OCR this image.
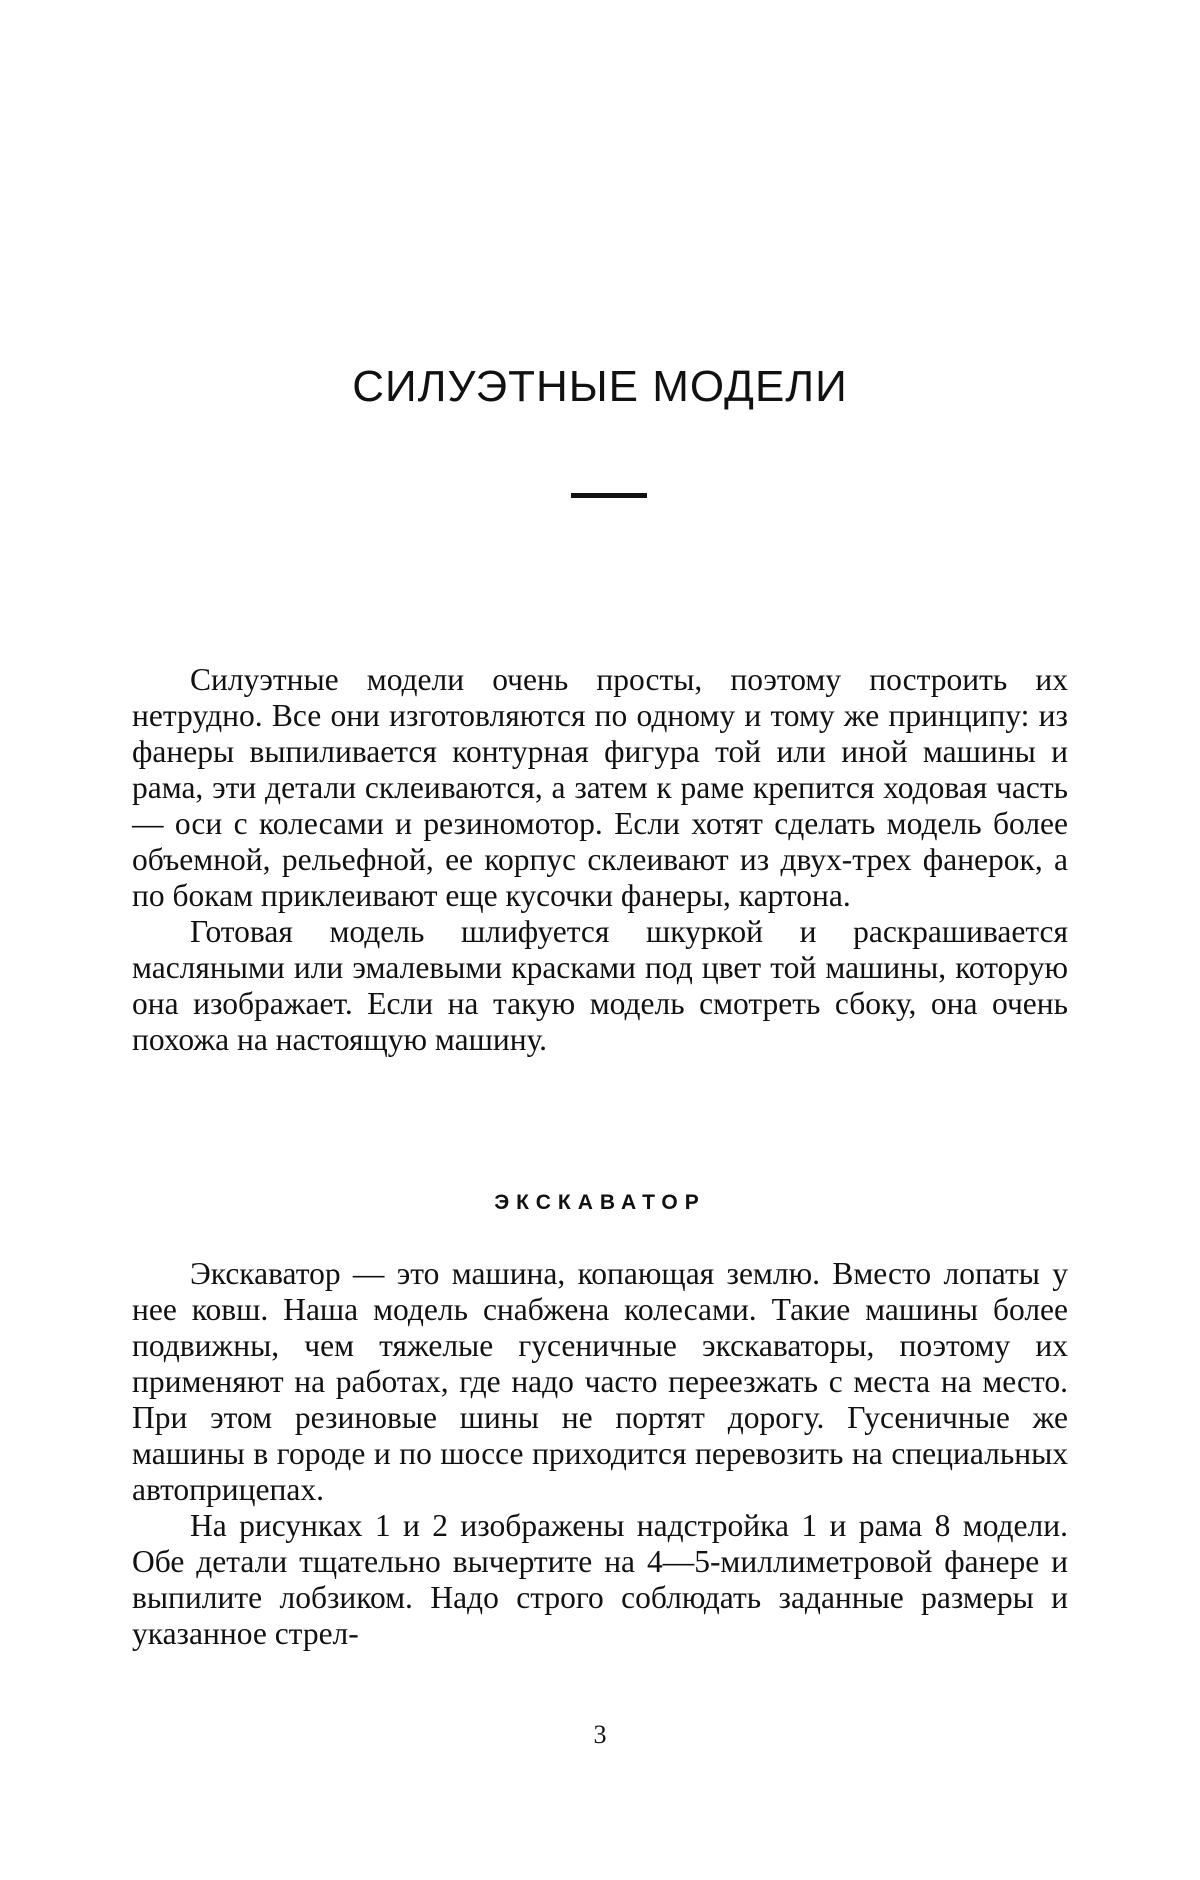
СИЛУЭТНЫЕ МОДЕЛИ

Силуэтные модели очень просты, поэтому построить их нетрудно. Все они изготовляются по одному и тому же принципу: из фанеры выпиливается контурная фигура той или иной машины и рама, эти детали склеиваются, а затем к раме крепится ходовая часть — оси с колесами и резиномотор. Если хотят сделать модель более объемной, рельефной, ее корпус склеивают из двух-трех фанерок, а по бокам приклеивают еще кусочки фанеры, картона.

Готовая модель шлифуется шкуркой и раскрашивается масляными или эмалевыми красками под цвет той машины, которую она изображает. Если на такую модель смотреть сбоку, она очень похожа на настоящую машину.

ЭКСКАВАТОР

Экскаватор — это машина, копающая землю. Вместо лопаты у нее ковш. Наша модель снабжена колесами. Такие машины более подвижны, чем тяжелые гусеничные экскаваторы, поэтому их применяют на работах, где надо часто переезжать с места на место. При этом резиновые шины не портят дорогу. Гусеничные же машины в городе и по шоссе приходится перевозить на специальных автоприцепах.

На рисунках 1 и 2 изображены надстройка 1 и рама 8 модели. Обе детали тщательно вычертите на 4—5-миллиметровой фанере и выпилите лобзиком. Надо строго соблюдать заданные размеры и указанное стрел-

3
